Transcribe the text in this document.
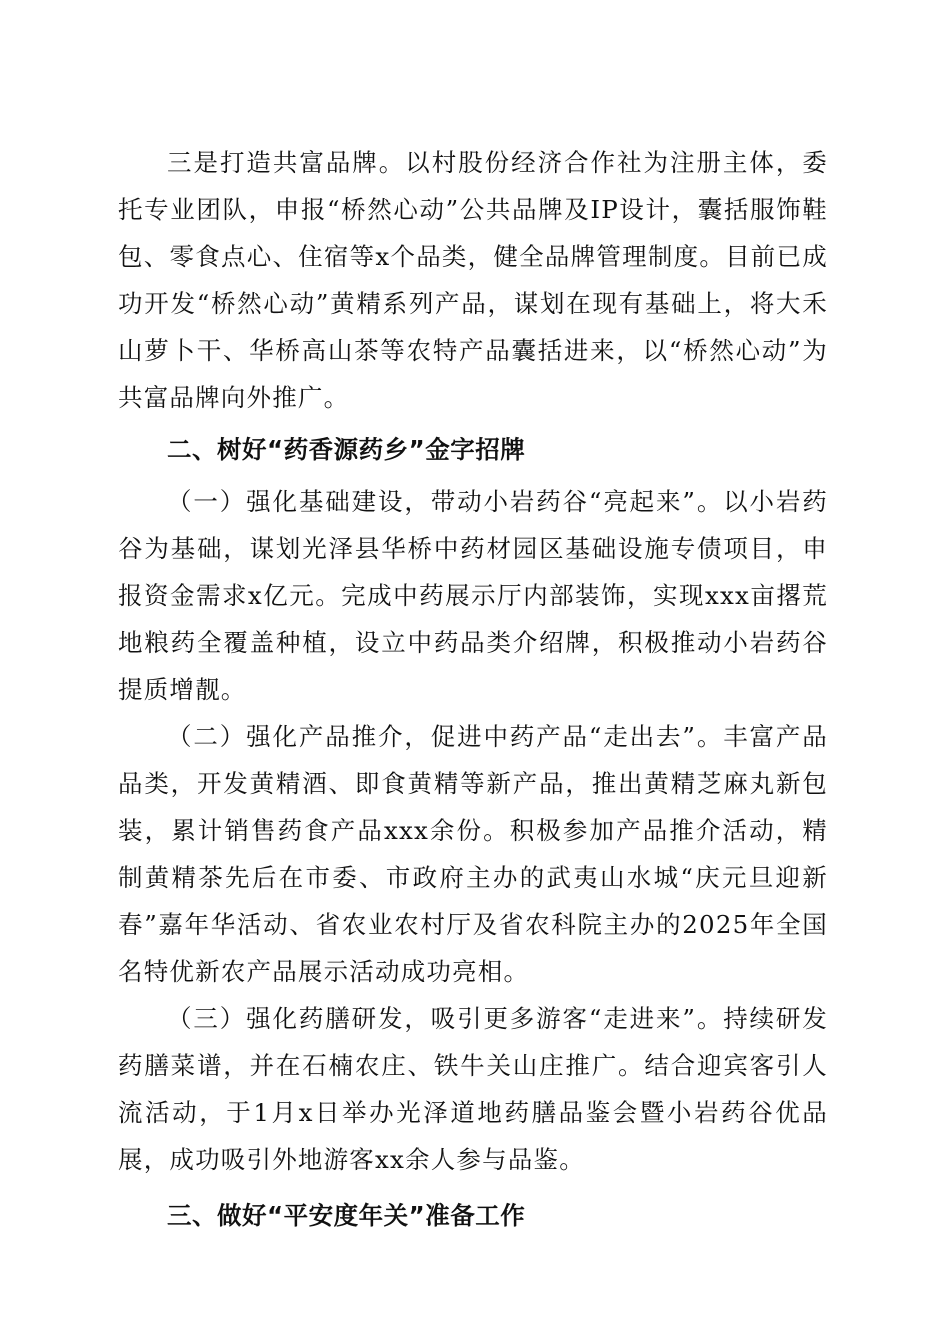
三是打造共富品牌。以村股份经济合作社为注册主体，委托专业团队，申报“桥然心动”公共品牌及IP设计，囊括服饰鞋包、零食点心、住宿等x个品类，健全品牌管理制度。目前已成功开发“桥然心动”黄精系列产品，谋划在现有基础上，将大禾山萝卜干、华桥高山茶等农特产品囊括进来，以“桥然心动”为共富品牌向外推广。

二、树好“药香源药乡”金字招牌

（一）强化基础建设，带动小岩药谷“亮起来”。以小岩药谷为基础，谋划光泽县华桥中药材园区基础设施专债项目，申报资金需求x亿元。完成中药展示厅内部装饰，实现xxx亩撂荒地粮药全覆盖种植，设立中药品类介绍牌，积极推动小岩药谷提质增靓。

（二）强化产品推介，促进中药产品“走出去”。丰富产品品类，开发黄精酒、即食黄精等新产品，推出黄精芝麻丸新包装，累计销售药食产品xxx余份。积极参加产品推介活动，精制黄精茶先后在市委、市政府主办的武夷山水城“庆元旦迎新春”嘉年华活动、省农业农村厅及省农科院主办的2025年全国名特优新农产品展示活动成功亮相。

（三）强化药膳研发，吸引更多游客“走进来”。持续研发药膳菜谱，并在石楠农庄、铁牛关山庄推广。结合迎宾客引人流活动，于1月x日举办光泽道地药膳品鉴会暨小岩药谷优品展，成功吸引外地游客xx余人参与品鉴。

三、做好“平安度年关”准备工作
